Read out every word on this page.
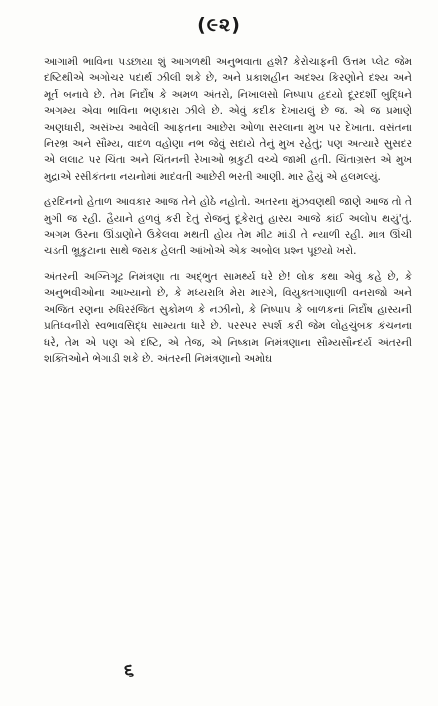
(૯૨)

આગામી ભાવિના પડછાયા શું આગળથી અનુભવાતા હશે? કેરોચાફની ઉત્તમ પ્લેટ જેમ દષ્ટિથીએ અગોચર પદાર્થ ઝીલી શકે છે, અને પ્રકાશહીન અદશ્ય કિરણોને દશ્ય અને મૂર્ત બનાવે છે. તેમ નિર્દોષ કે અમળ અંતરો, નિખાલસો નિષ્પાપ હૃદયો દૂરદર્શી બુદ્ધિને અગમ્ય એવા ભાવિના ભણકારા ઝીલે છે. એવું કદીક દેખાયલું છે જ. એ જ પ્રમાણે અણધારી, અસંખ્ય આવેલી આફતના આછેરા ઓળા સરલાના મુખ પર દેખાતા. વસંતના નિરભ્ર અને સૌમ્ય, વાદળ વહોણા નભ જેવું સદાયે તેનું મુખ રહેતું; પણ અત્યારે સુસદર એ લલાટ પર ચિંતા અને ચિંતનની રેખાઓ ભ્રકુટી વચ્ચે જામી હતી. ચિંતાગ્રસ્ત એ મુખ મુદ્રાએ રસીકંતના નયનોમાં માદંવતી આછેરી ભરતી આણી. માર હૈયું એ હલમલ્યું.

હરદિનનો હેતાળ આવકાર આજ તેને હોઠે નહોતો. અતરના મુંઝવણથી જાણે આજ તો તે મુગી જ રહી. હૈયાને હળવું કરી દેતું રોજનું દૂકેરાતું હાસ્ય આજે કાંઈ અલોપ થયું'તું. અગમ ઉરના ઊંડાણોને ઉકેલવા મથતી હોય તેમ મીટ માંડી તે ન્યાળી રહી. માત્ર ઊંચી ચડતી ભ્રૂકુટાના સાથે જરાક હેલતી આંખોએ એક અબોલ પ્રશ્ન પૂછયો ખરો.

અંતરની અગ્નિગૂઢ નિમંત્રણા તા અદ્ભુત સામર્થ્ય ધરે છે! લોક કથા એવું કહે છે, કે અનુભવીઓના આખ્યાનો છે, કે મધ્યરાત્રિ મેરા મારગે, વિયુક્તગાણાળી વનરાજો અને અજિત રણના રુધિરરંજિત સુકોમળ કે નઝીનો, કે નિષ્પાપ કે બાળકનાં નિર્દોષ હાસ્યની પ્રતિધ્વનીરો સ્વભાવસિદ્ધ સામ્યતા ધારે છે. પરસ્પર સ્પર્શ કરી જેમ લોહચુંબક કંચનના ધરે, તેમ એ પણ એ દષ્ટિ, એ તેજ, એ નિષ્કામ નિમંત્રણાના સૌમ્યસૌન્દર્ય અંતરની શક્તિઓને ભેગાડી શકે છે. અંતરની નિમંત્રણાનો અમોઘ

૬
